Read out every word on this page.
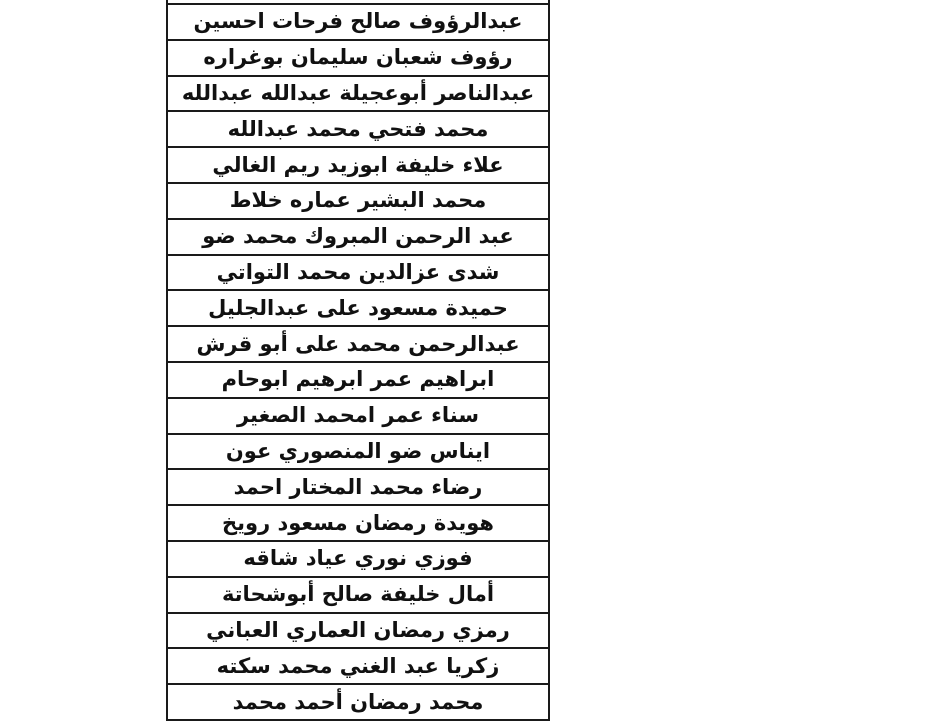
عبدالرؤوف صالح فرحات احسين
رؤوف شعبان سليمان بوغراره
عبدالناصر أبوعجيلة عبدالله عبدالله
محمد فتحي محمد عبدالله
علاء خليفة ابوزيد ريم الغالي
محمد البشير عماره خلاط
عبد الرحمن المبروك محمد ضو
شدى عزالدين محمد التواتي
حميدة مسعود على عبدالجليل
عبدالرحمن محمد على أبو قرش
ابراهيم عمر ابرهيم ابوحام
سناء عمر امحمد الصغير
ايناس ضو المنصوري عون
رضاء محمد المختار احمد
هويدة رمضان مسعود رويخ
فوزي نوري عياد شاقه
أمال خليفة صالح أبوشحاتة
رمزي رمضان العماري العباني
زكريا عبد الغني محمد سكته
محمد رمضان أحمد محمد
